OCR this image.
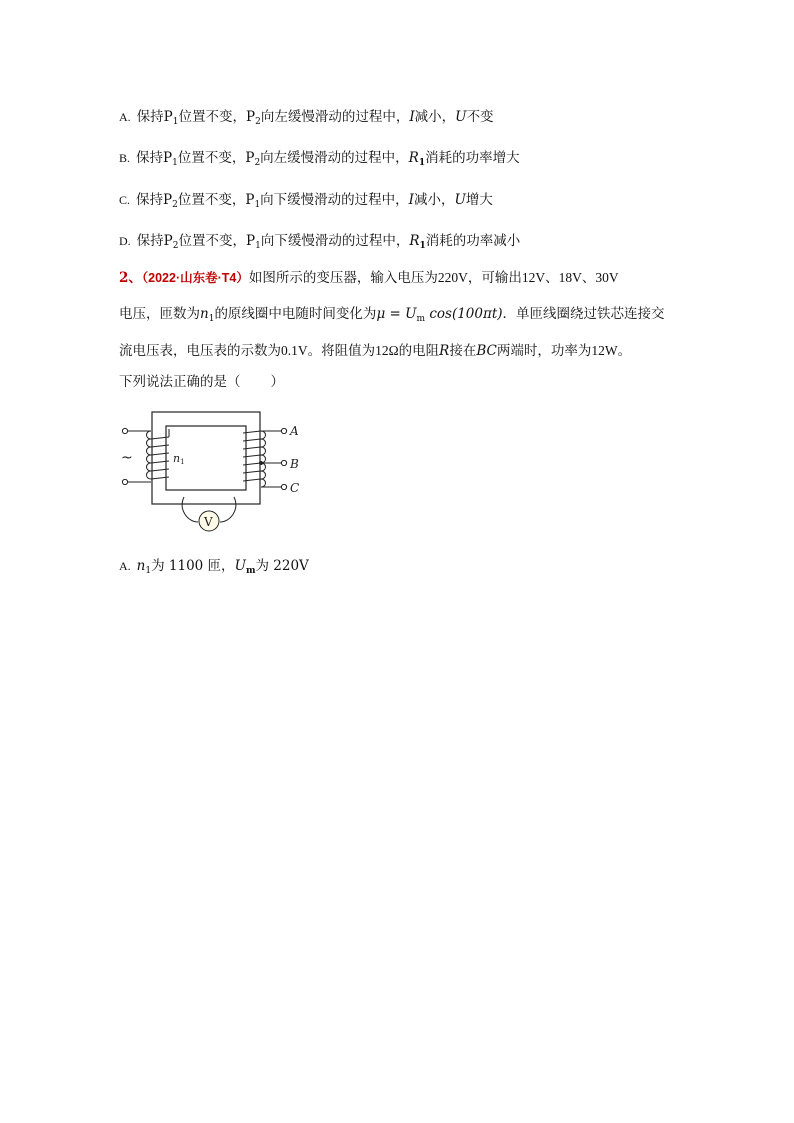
A. 保持$P_1$位置不变，$P_2$向左缓慢滑动的过程中，I减小，U不变
B. 保持$P_1$位置不变，$P_2$向左缓慢滑动的过程中，$R_1$消耗的功率增大
C. 保持$P_2$位置不变，$P_1$向下缓慢滑动的过程中，I减小，U增大
D. 保持$P_2$位置不变，$P_1$向下缓慢滑动的过程中，$R_1$消耗的功率减小
2、（2022·山东卷·T4）如图所示的变压器，输入电压为220V，可输出12V、18V、30V
电压，匝数为$n_1$的原线圈中电随时间变化为$\mu = U_m$ cos(100πt)．单匝线圈绕过铁芯连接交
流电压表，电压表的示数为0.1V。将阻值为12Ω的电阻R接在BC两端时，功率为12W。
下列说法正确的是（ ）
~	n1
A
B
C
V
A. $n_1$为 1100 匝，$U_m$为 220V
